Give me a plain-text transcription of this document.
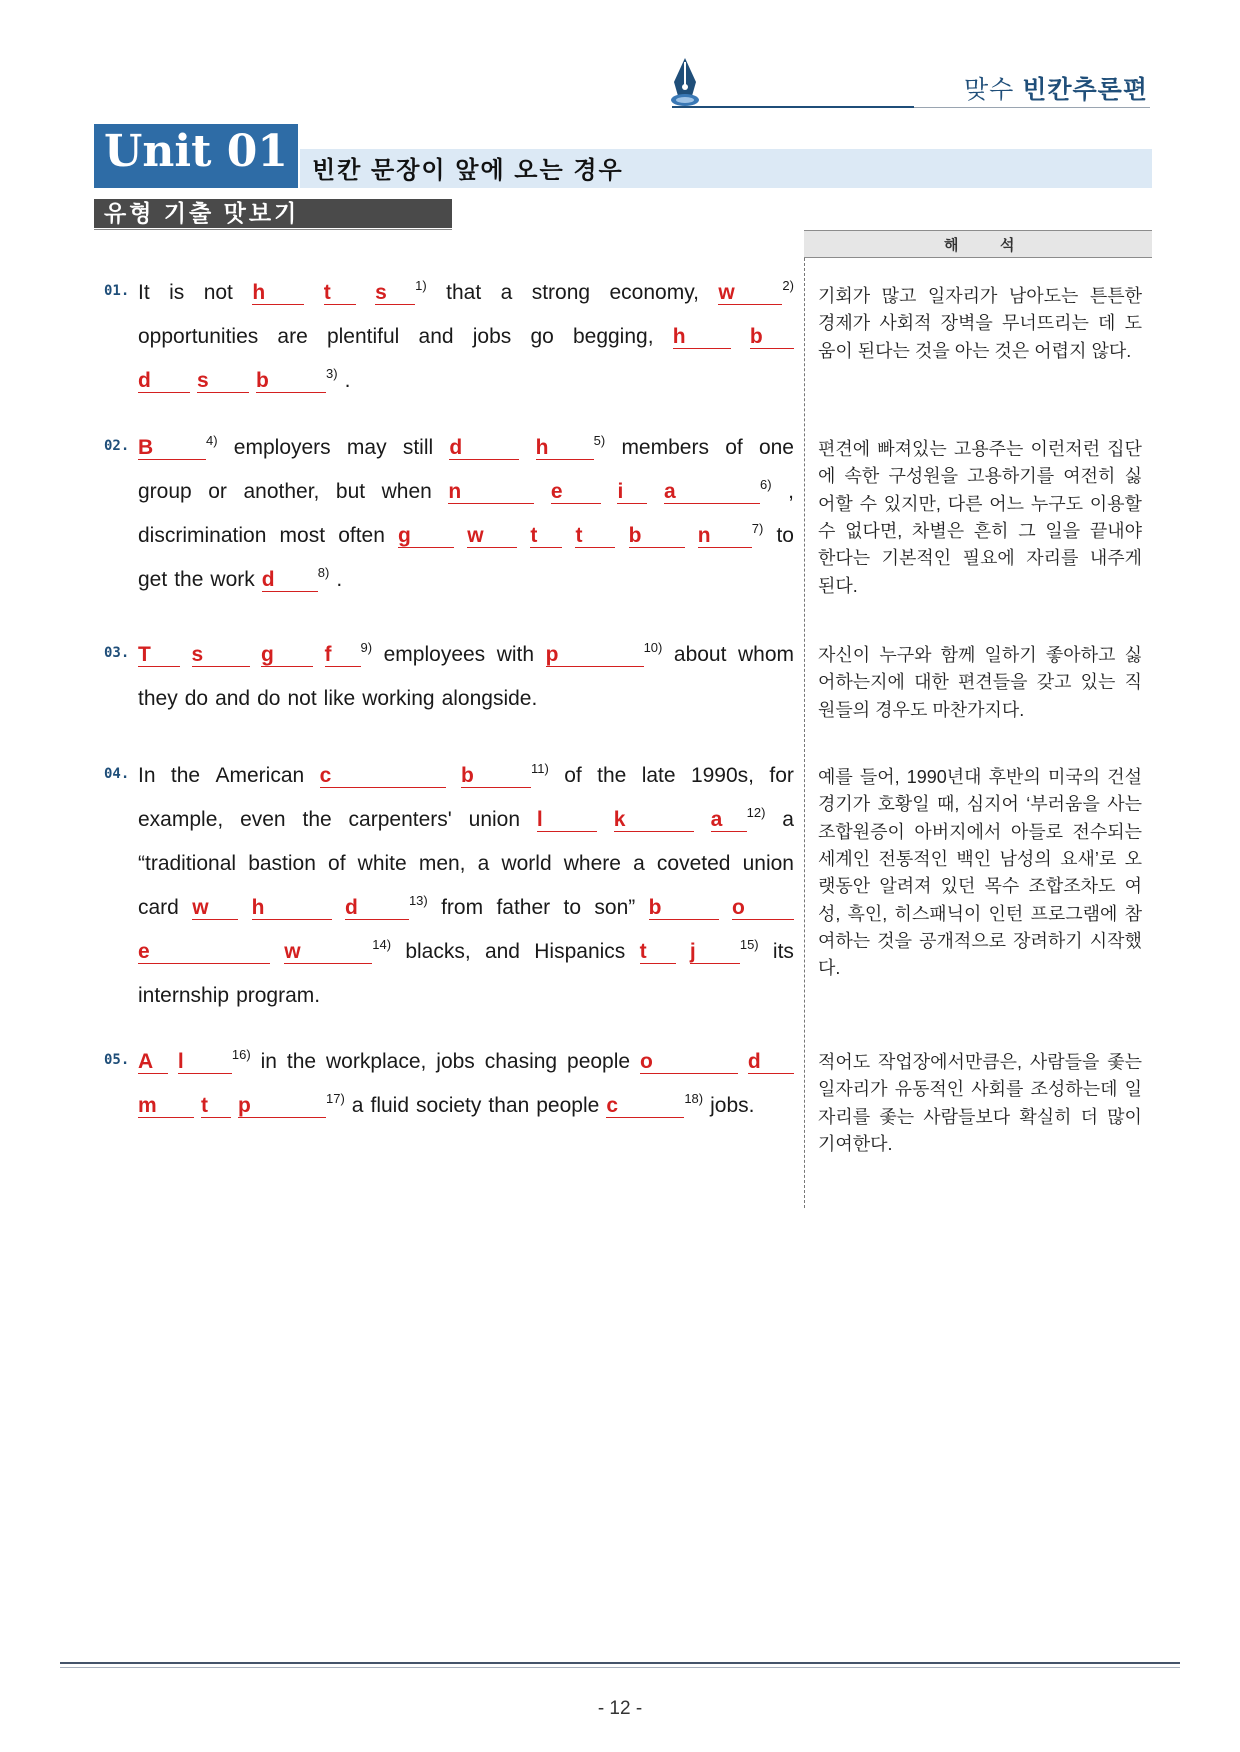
맞수 빈칸추론편
Unit 01 빈칸 문장이 앞에 오는 경우
유형 기출 맛보기
해	석
01. It is not h	t	s $^{1)}$ that a strong economy, w	$^{2)}$
opportunities are plentiful and jobs go begging, h	b
d	s	b	$^{3)}$ .
기회가 많고 일자리가 남아도는 튼튼한
경제가 사회적 장벽을 무너뜨리는 데 도
움이 된다는 것을 아는 것은 어렵지 않다.
02. B	$^{4)}$ employers may still d	h	$^{5)}$ members of one
group or another, but when n	e	i	a	$^{6)}$ ,
discrimination most often g	w	t	t	b	n	$^{7)}$ to
get the work d	$^{8)}$ .
편견에 빠져있는 고용주는 이런저런 집단
에 속한 구성원을 고용하기를 여전히 싫
어할 수 있지만, 다른 어느 누구도 이용할
수 없다면, 차별은 흔히 그 일을 끝내야
한다는 기본적인 필요에 자리를 내주게
된다.
03. T	s	g	f $^{9)}$ employees with p	$^{10)}$ about whom
they do and do not like working alongside.
자신이 누구와 함께 일하기 좋아하고 싫
어하는지에 대한 편견들을 갖고 있는 직
원들의 경우도 마찬가지다.
04. In the American c	b	$^{11)}$ of the late 1990s, for
example, even the carpenters' union l	k	a $^{12)}$ a
“traditional bastion of white men, a world where a coveted union
card w	h	d	$^{13)}$ from father to son” b	o
e	w	$^{14)}$ blacks, and Hispanics t	j	$^{15)}$ its
internship program.
예를 들어, 1990년대 후반의 미국의 건설
경기가 호황일 때, 심지어 ‘부러움을 사는
조합원증이 아버지에서 아들로 전수되는
세계인 전통적인 백인 남성의 요새’로 오
랫동안 알려져 있던 목수 조합조차도 여
성, 흑인, 히스패닉이 인턴 프로그램에 참
여하는 것을 공개적으로 장려하기 시작했
다.
05. A	l	$^{16)}$ in the workplace, jobs chasing people o	d
m	t	p	$^{17)}$ a fluid society than people c	$^{18)}$ jobs.
적어도 작업장에서만큼은, 사람들을 좇는
일자리가 유동적인 사회를 조성하는데 일
자리를 좇는 사람들보다 확실히 더 많이
기여한다.
- 12 -
